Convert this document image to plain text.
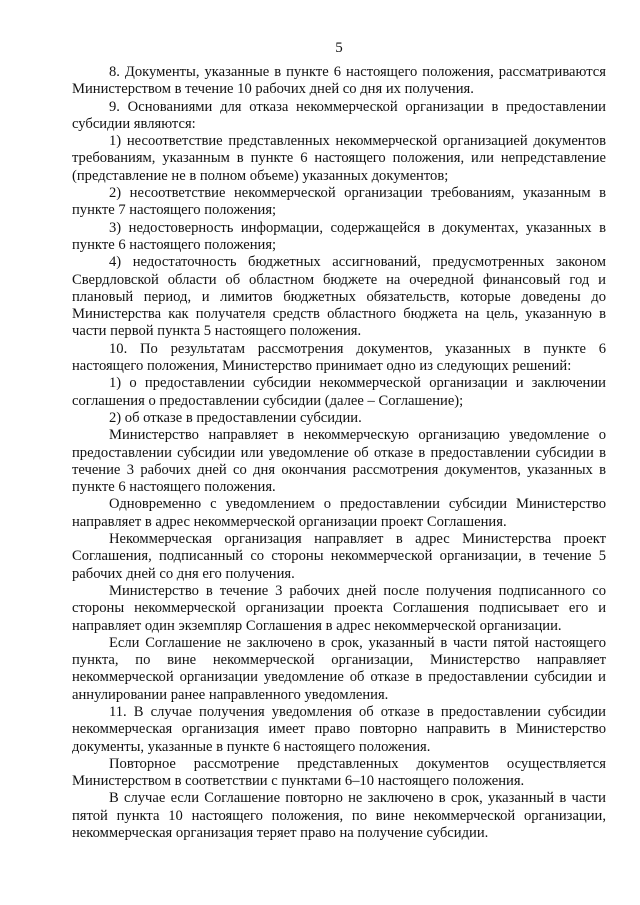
5

8. Документы, указанные в пункте 6 настоящего положения, рассматриваются Министерством в течение 10 рабочих дней со дня их получения.

9. Основаниями для отказа некоммерческой организации в предоставлении субсидии являются:

1) несоответствие представленных некоммерческой организацией документов требованиям, указанным в пункте 6 настоящего положения, или непредставление (представление не в полном объеме) указанных документов;

2) несоответствие некоммерческой организации требованиям, указанным в пункте 7 настоящего положения;

3) недостоверность информации, содержащейся в документах, указанных в пункте 6 настоящего положения;

4) недостаточность бюджетных ассигнований, предусмотренных законом Свердловской области об областном бюджете на очередной финансовый год и плановый период, и лимитов бюджетных обязательств, которые доведены до Министерства как получателя средств областного бюджета на цель, указанную в части первой пункта 5 настоящего положения.

10. По результатам рассмотрения документов, указанных в пункте 6 настоящего положения, Министерство принимает одно из следующих решений:

1) о предоставлении субсидии некоммерческой организации и заключении соглашения о предоставлении субсидии (далее – Соглашение);

2) об отказе в предоставлении субсидии.

Министерство направляет в некоммерческую организацию уведомление о предоставлении субсидии или уведомление об отказе в предоставлении субсидии в течение 3 рабочих дней со дня окончания рассмотрения документов, указанных в пункте 6 настоящего положения.

Одновременно с уведомлением о предоставлении субсидии Министерство направляет в адрес некоммерческой организации проект Соглашения.

Некоммерческая организация направляет в адрес Министерства проект Соглашения, подписанный со стороны некоммерческой организации, в течение 5 рабочих дней со дня его получения.

Министерство в течение 3 рабочих дней после получения подписанного со стороны некоммерческой организации проекта Соглашения подписывает его и направляет один экземпляр Соглашения в адрес некоммерческой организации.

Если Соглашение не заключено в срок, указанный в части пятой настоящего пункта, по вине некоммерческой организации, Министерство направляет некоммерческой организации уведомление об отказе в предоставлении субсидии и аннулировании ранее направленного уведомления.

11. В случае получения уведомления об отказе в предоставлении субсидии некоммерческая организация имеет право повторно направить в Министерство документы, указанные в пункте 6 настоящего положения.

Повторное рассмотрение представленных документов осуществляется Министерством в соответствии с пунктами 6–10 настоящего положения.

В случае если Соглашение повторно не заключено в срок, указанный в части пятой пункта 10 настоящего положения, по вине некоммерческой организации, некоммерческая организация теряет право на получение субсидии.
